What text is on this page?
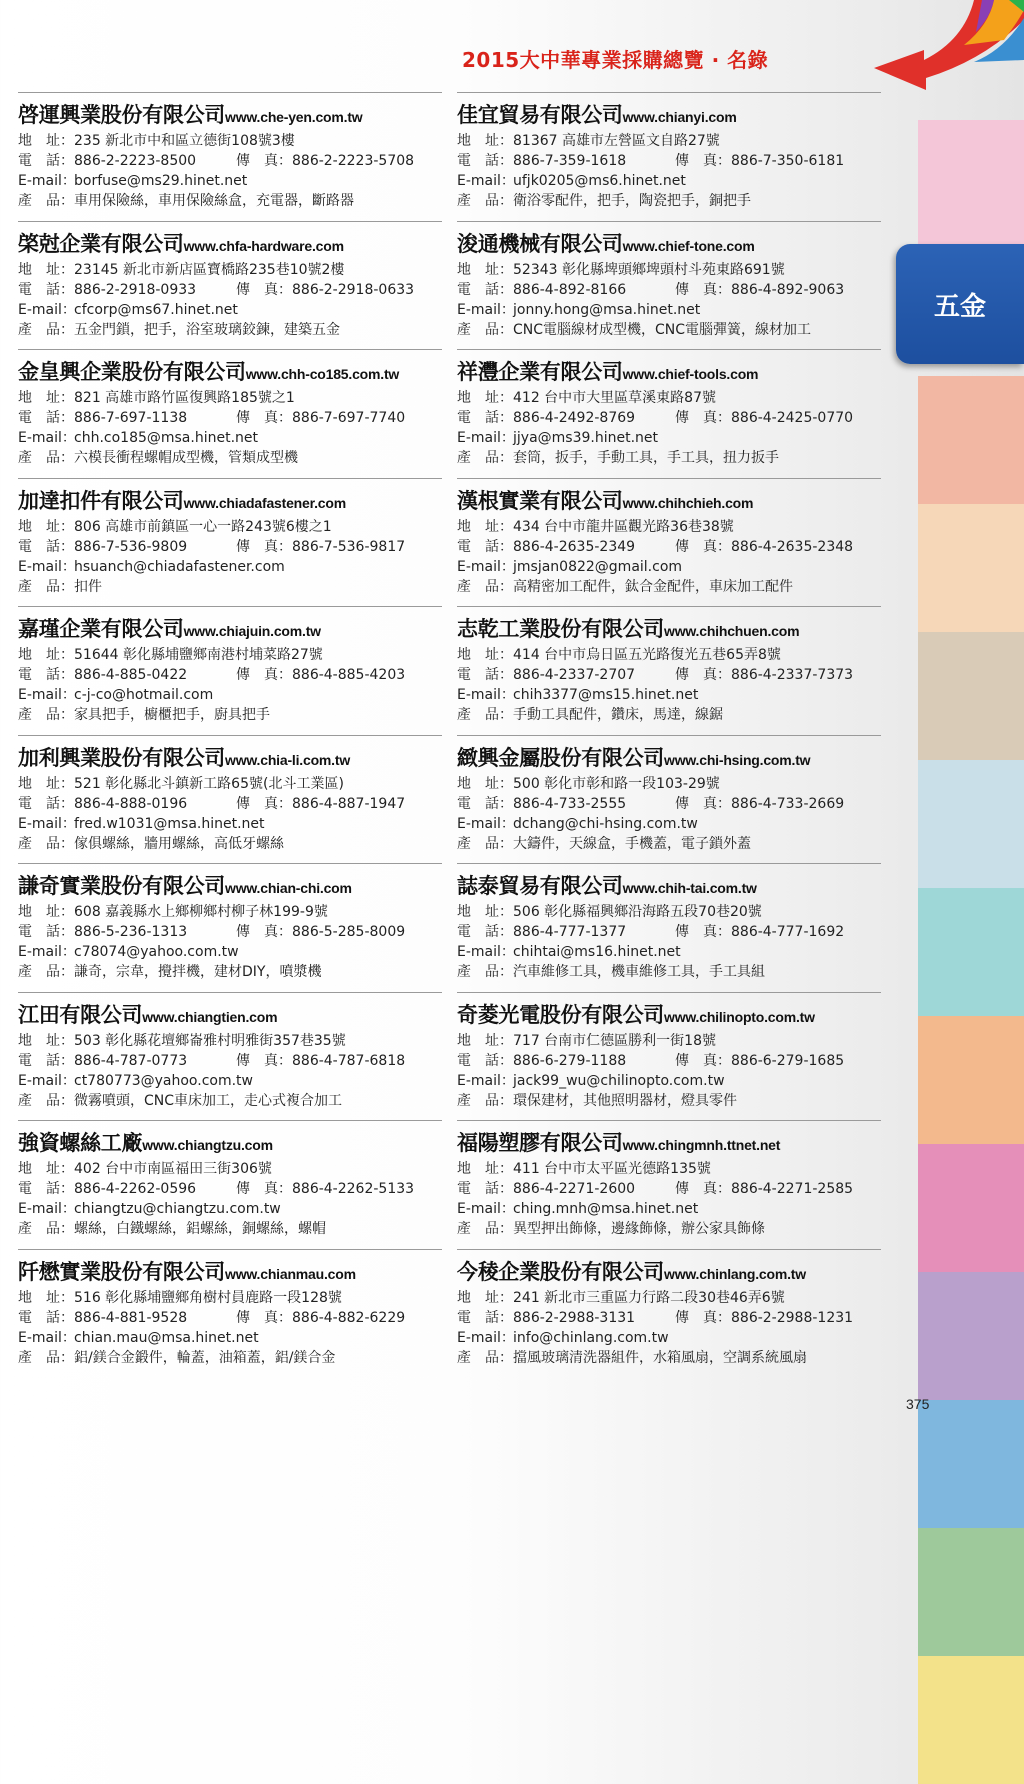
2015大中華專業採購總覽 · 名錄
五金
啓運興業股份有限公司www.che-yen.com.tw
地　址：235 新北市中和區立德街108號3樓
電　話：886-2-2223-8500	傳　真：886-2-2223-5708
E-mail：borfuse@ms29.hinet.net
產　品：車用保險絲，車用保險絲盒，充電器，斷路器
棨尅企業有限公司www.chfa-hardware.com
地　址：23145 新北市新店區寶橋路235巷10號2樓
電　話：886-2-2918-0933	傳　真：886-2-2918-0633
E-mail：cfcorp@ms67.hinet.net
產　品：五金門鎖，把手，浴室玻璃鉸鍊，建築五金
金皇興企業股份有限公司www.chh-co185.com.tw
地　址：821 高雄市路竹區復興路185號之1
電　話：886-7-697-1138	傳　真：886-7-697-7740
E-mail：chh.co185@msa.hinet.net
產　品：六模長衝程螺帽成型機，管類成型機
加達扣件有限公司www.chiadafastener.com
地　址：806 高雄市前鎮區一心一路243號6樓之1
電　話：886-7-536-9809	傳　真：886-7-536-9817
E-mail：hsuanch@chiadafastener.com
產　品：扣件
嘉瑾企業有限公司www.chiajuin.com.tw
地　址：51644 彰化縣埔鹽鄉南港村埔菜路27號
電　話：886-4-885-0422	傳　真：886-4-885-4203
E-mail：c-j-co@hotmail.com
產　品：家具把手，櫥櫃把手，廚具把手
加利興業股份有限公司www.chia-li.com.tw
地　址：521 彰化縣北斗鎮新工路65號(北斗工業區)
電　話：886-4-888-0196	傳　真：886-4-887-1947
E-mail：fred.w1031@msa.hinet.net
產　品：傢俱螺絲，牆用螺絲，高低牙螺絲
謙奇實業股份有限公司www.chian-chi.com
地　址：608 嘉義縣水上鄉柳鄉村柳子林199-9號
電　話：886-5-236-1313	傳　真：886-5-285-8009
E-mail：c78074@yahoo.com.tw
產　品：謙奇，宗韋，攪拌機，建材DIY，噴漿機
江田有限公司www.chiangtien.com
地　址：503 彰化縣花壇鄉崙雅村明雅街357巷35號
電　話：886-4-787-0773	傳　真：886-4-787-6818
E-mail：ct780773@yahoo.com.tw
產　品：微霧噴頭，CNC車床加工，走心式複合加工
強資螺絲工廠www.chiangtzu.com
地　址：402 台中市南區福田三街306號
電　話：886-4-2262-0596	傳　真：886-4-2262-5133
E-mail：chiangtzu@chiangtzu.com.tw
產　品：螺絲，白鐵螺絲，鋁螺絲，銅螺絲，螺帽
阡懋實業股份有限公司www.chianmau.com
地　址：516 彰化縣埔鹽鄉角樹村員鹿路一段128號
電　話：886-4-881-9528	傳　真：886-4-882-6229
E-mail：chian.mau@msa.hinet.net
產　品：鋁/鎂合金鍛件，輪蓋，油箱蓋，鋁/鎂合金
佳宜貿易有限公司www.chianyi.com
地　址：81367 高雄市左營區文自路27號
電　話：886-7-359-1618	傳　真：886-7-350-6181
E-mail：ufjk0205@ms6.hinet.net
產　品：衛浴零配件，把手，陶瓷把手，銅把手
浚通機械有限公司www.chief-tone.com
地　址：52343 彰化縣埤頭鄉埤頭村斗苑東路691號
電　話：886-4-892-8166	傳　真：886-4-892-9063
E-mail：jonny.hong@msa.hinet.net
產　品：CNC電腦線材成型機，CNC電腦彈簧，線材加工
祥灃企業有限公司www.chief-tools.com
地　址：412 台中市大里區草溪東路87號
電　話：886-4-2492-8769	傳　真：886-4-2425-0770
E-mail：jjya@ms39.hinet.net
產　品：套筒，扳手，手動工具，手工具，扭力扳手
漢根實業有限公司www.chihchieh.com
地　址：434 台中市龍井區觀光路36巷38號
電　話：886-4-2635-2349	傳　真：886-4-2635-2348
E-mail：jmsjan0822@gmail.com
產　品：高精密加工配件，鈦合金配件，車床加工配件
志乾工業股份有限公司www.chihchuen.com
地　址：414 台中市烏日區五光路復光五巷65弄8號
電　話：886-4-2337-2707	傳　真：886-4-2337-7373
E-mail：chih3377@ms15.hinet.net
產　品：手動工具配件，鑽床，馬達，線鋸
緻興金屬股份有限公司www.chi-hsing.com.tw
地　址：500 彰化市彰和路一段103-29號
電　話：886-4-733-2555	傳　真：886-4-733-2669
E-mail：dchang@chi-hsing.com.tw
產　品：大鑄件，天線盒，手機蓋，電子鎖外蓋
誌泰貿易有限公司www.chih-tai.com.tw
地　址：506 彰化縣福興鄉沿海路五段70巷20號
電　話：886-4-777-1377	傳　真：886-4-777-1692
E-mail：chihtai@ms16.hinet.net
產　品：汽車維修工具，機車維修工具，手工具組
奇菱光電股份有限公司www.chilinopto.com.tw
地　址：717 台南市仁德區勝利一街18號
電　話：886-6-279-1188	傳　真：886-6-279-1685
E-mail：jack99_wu@chilinopto.com.tw
產　品：環保建材，其他照明器材，燈具零件
福陽塑膠有限公司www.chingmnh.ttnet.net
地　址：411 台中市太平區光德路135號
電　話：886-4-2271-2600	傳　真：886-4-2271-2585
E-mail：ching.mnh@msa.hinet.net
產　品：異型押出飾條，邊緣飾條，辦公家具飾條
今稜企業股份有限公司www.chinlang.com.tw
地　址：241 新北市三重區力行路二段30巷46弄6號
電　話：886-2-2988-3131	傳　真：886-2-2988-1231
E-mail：info@chinlang.com.tw
產　品：擋風玻璃清洗器組件，水箱風扇，空調系統風扇
375
